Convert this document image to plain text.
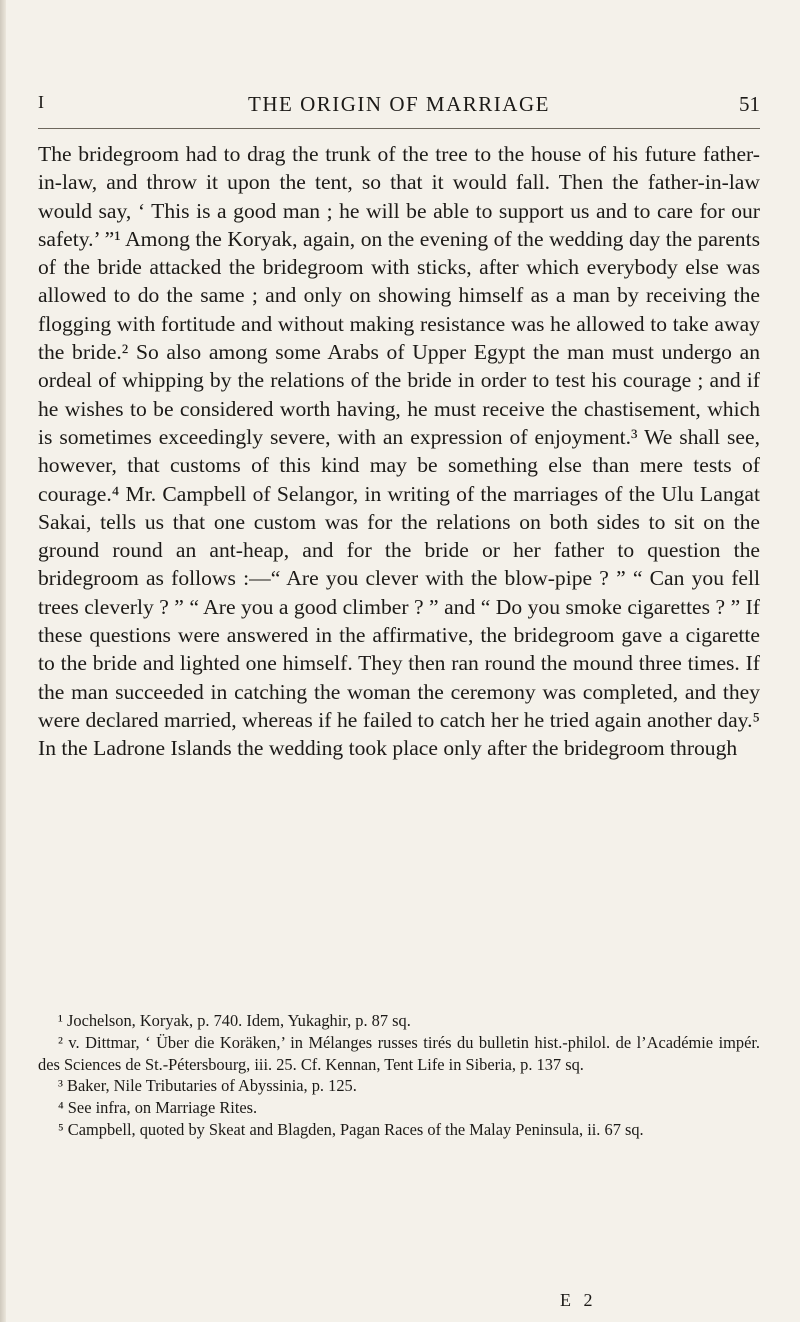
I	THE ORIGIN OF MARRIAGE	51

The bridegroom had to drag the trunk of the tree to the house of his future father-in-law, and throw it upon the tent, so that it would fall. Then the father-in-law would say, ‘ This is a good man ; he will be able to support us and to care for our safety.’ ”¹ Among the Koryak, again, on the evening of the wedding day the parents of the bride attacked the bridegroom with sticks, after which everybody else was allowed to do the same ; and only on showing himself as a man by receiving the flogging with fortitude and without making resistance was he allowed to take away the bride.² So also among some Arabs of Upper Egypt the man must undergo an ordeal of whipping by the relations of the bride in order to test his courage ; and if he wishes to be considered worth having, he must receive the chastisement, which is sometimes exceedingly severe, with an expression of enjoyment.³ We shall see, however, that customs of this kind may be something else than mere tests of courage.⁴ Mr. Campbell of Selangor, in writing of the marriages of the Ulu Langat Sakai, tells us that one custom was for the relations on both sides to sit on the ground round an ant-heap, and for the bride or her father to question the bridegroom as follows :—“ Are you clever with the blow-pipe ? ” “ Can you fell trees cleverly ? ” “ Are you a good climber ? ” and “ Do you smoke cigarettes ? ” If these questions were answered in the affirmative, the bridegroom gave a cigarette to the bride and lighted one himself. They then ran round the mound three times. If the man succeeded in catching the woman the ceremony was completed, and they were declared married, whereas if he failed to catch her he tried again another day.⁵ In the Ladrone Islands the wedding took place only after the bridegroom through

¹ Jochelson, Koryak, p. 740. Idem, Yukaghir, p. 87 sq.

² v. Dittmar, ‘ Über die Koräken,’ in Mélanges russes tirés du bulletin hist.-philol. de l’Académie impér. des Sciences de St.-Pétersbourg, iii. 25. Cf. Kennan, Tent Life in Siberia, p. 137 sq.

³ Baker, Nile Tributaries of Abyssinia, p. 125.

⁴ See infra, on Marriage Rites.

⁵ Campbell, quoted by Skeat and Blagden, Pagan Races of the Malay Peninsula, ii. 67 sq.

E 2
